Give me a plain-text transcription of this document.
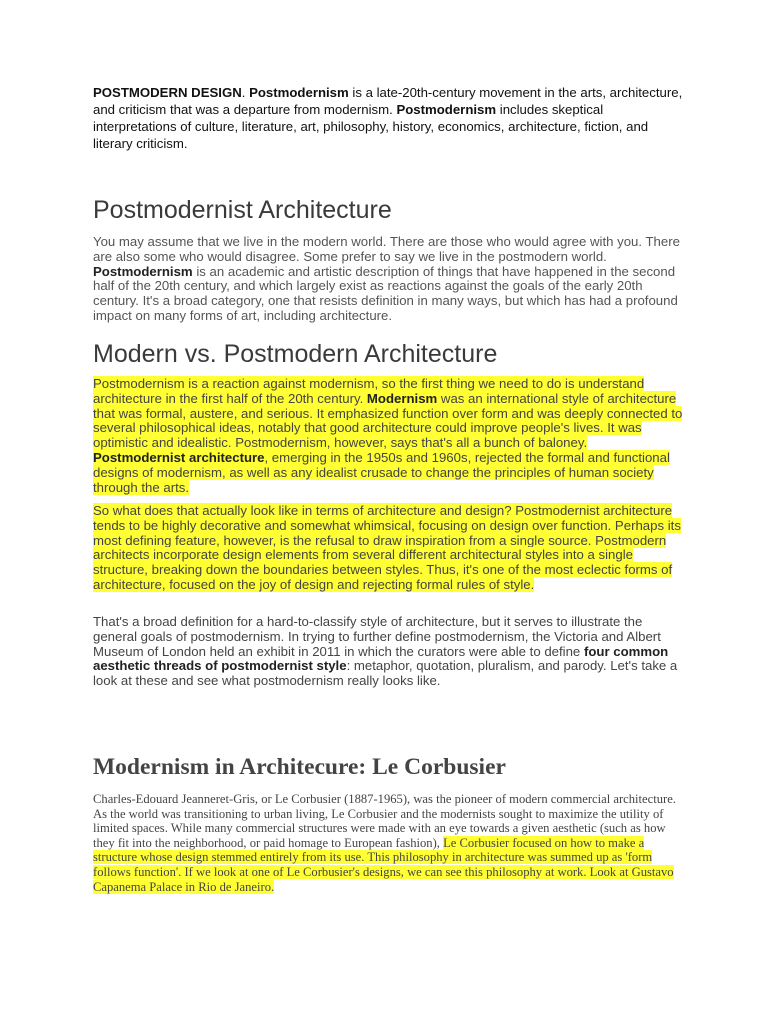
POSTMODERN DESIGN. Postmodernism is a late-20th-century movement in the arts, architecture, and criticism that was a departure from modernism. Postmodernism includes skeptical interpretations of culture, literature, art, philosophy, history, economics, architecture, fiction, and literary criticism.
Postmodernist Architecture
You may assume that we live in the modern world. There are those who would agree with you. There are also some who would disagree. Some prefer to say we live in the postmodern world. Postmodernism is an academic and artistic description of things that have happened in the second half of the 20th century, and which largely exist as reactions against the goals of the early 20th century. It's a broad category, one that resists definition in many ways, but which has had a profound impact on many forms of art, including architecture.
Modern vs. Postmodern Architecture
Postmodernism is a reaction against modernism, so the first thing we need to do is understand architecture in the first half of the 20th century. Modernism was an international style of architecture that was formal, austere, and serious. It emphasized function over form and was deeply connected to several philosophical ideas, notably that good architecture could improve people's lives. It was optimistic and idealistic. Postmodernism, however, says that's all a bunch of baloney. Postmodernist architecture, emerging in the 1950s and 1960s, rejected the formal and functional designs of modernism, as well as any idealist crusade to change the principles of human society through the arts.
So what does that actually look like in terms of architecture and design? Postmodernist architecture tends to be highly decorative and somewhat whimsical, focusing on design over function. Perhaps its most defining feature, however, is the refusal to draw inspiration from a single source. Postmodern architects incorporate design elements from several different architectural styles into a single structure, breaking down the boundaries between styles. Thus, it's one of the most eclectic forms of architecture, focused on the joy of design and rejecting formal rules of style.
That's a broad definition for a hard-to-classify style of architecture, but it serves to illustrate the general goals of postmodernism. In trying to further define postmodernism, the Victoria and Albert Museum of London held an exhibit in 2011 in which the curators were able to define four common aesthetic threads of postmodernist style: metaphor, quotation, pluralism, and parody. Let's take a look at these and see what postmodernism really looks like.
Modernism in Architecure: Le Corbusier
Charles-Edouard Jeanneret-Gris, or Le Corbusier (1887-1965), was the pioneer of modern commercial architecture. As the world was transitioning to urban living, Le Corbusier and the modernists sought to maximize the utility of limited spaces. While many commercial structures were made with an eye towards a given aesthetic (such as how they fit into the neighborhood, or paid homage to European fashion), Le Corbusier focused on how to make a structure whose design stemmed entirely from its use. This philosophy in architecture was summed up as 'form follows function'. If we look at one of Le Corbusier's designs, we can see this philosophy at work. Look at Gustavo Capanema Palace in Rio de Janeiro.
